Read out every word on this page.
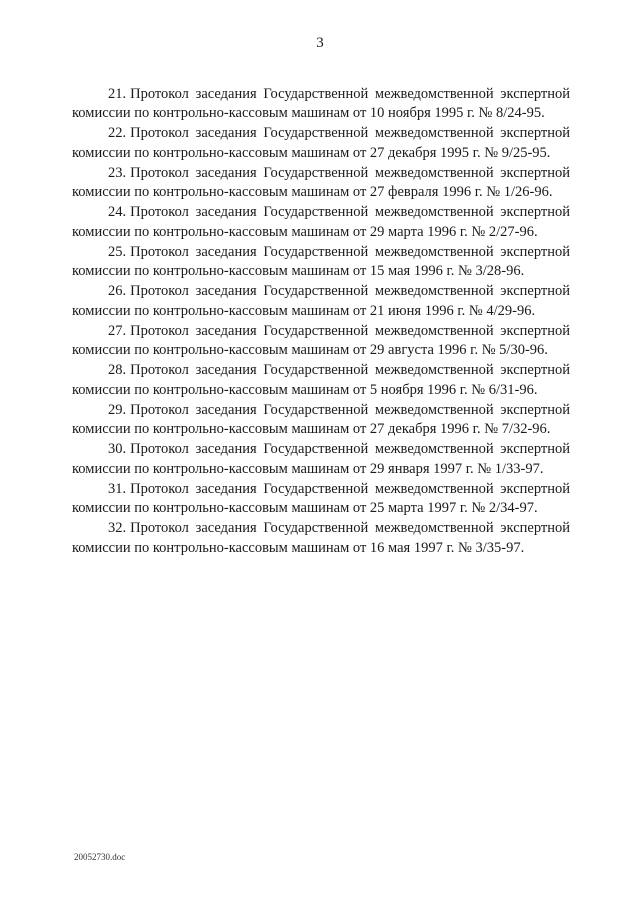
3

21. Протокол заседания Государственной межведомственной экспертной комиссии по контрольно-кассовым машинам от 10 ноября 1995 г. № 8/24-95.

22. Протокол заседания Государственной межведомственной экспертной комиссии по контрольно-кассовым машинам от 27 декабря 1995 г. № 9/25-95.

23. Протокол заседания Государственной межведомственной экспертной комиссии по контрольно-кассовым машинам от 27 февраля 1996 г. № 1/26-96.

24. Протокол заседания Государственной межведомственной экспертной комиссии по контрольно-кассовым машинам от 29 марта 1996 г. № 2/27-96.

25. Протокол заседания Государственной межведомственной экспертной комиссии по контрольно-кассовым машинам от 15 мая 1996 г. № 3/28-96.

26. Протокол заседания Государственной межведомственной экспертной комиссии по контрольно-кассовым машинам от 21 июня 1996 г. № 4/29-96.

27. Протокол заседания Государственной межведомственной экспертной комиссии по контрольно-кассовым машинам от 29 августа 1996 г. № 5/30-96.

28. Протокол заседания Государственной межведомственной экспертной комиссии по контрольно-кассовым машинам от 5 ноября 1996 г. № 6/31-96.

29. Протокол заседания Государственной межведомственной экспертной комиссии по контрольно-кассовым машинам от 27 декабря 1996 г. № 7/32-96.

30. Протокол заседания Государственной межведомственной экспертной комиссии по контрольно-кассовым машинам от 29 января 1997 г. № 1/33-97.

31. Протокол заседания Государственной межведомственной экспертной комиссии по контрольно-кассовым машинам от 25 марта 1997 г. № 2/34-97.

32. Протокол заседания Государственной межведомственной экспертной комиссии по контрольно-кассовым машинам от 16 мая 1997 г. № 3/35-97.

20052730.doc
